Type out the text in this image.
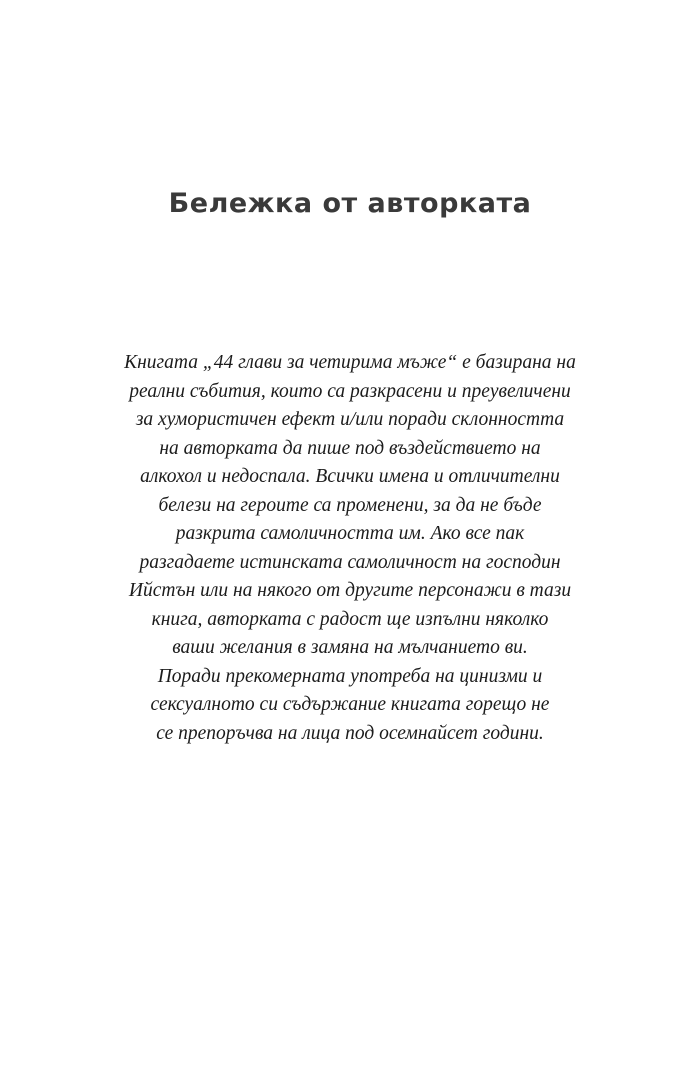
Бележка от авторката
Книгата „44 глави за четирима мъже“ е базирана на
реални събития, които са разкрасени и преувеличени
за хумористичен ефект и/или поради склонността
на авторката да пише под въздействието на
алкохол и недоспала. Всички имена и отличителни
белези на героите са променени, за да не бъде
разкрита самоличността им. Ако все пак
разгадаете истинската самоличност на господин
Ийстън или на някого от другите персонажи в тази
книга, авторката с радост ще изпълни няколко
ваши желания в замяна на мълчанието ви.
Поради прекомерната употреба на цинизми и
сексуалното си съдържание книгата горещо не
се препоръчва на лица под осемнайсет години.
